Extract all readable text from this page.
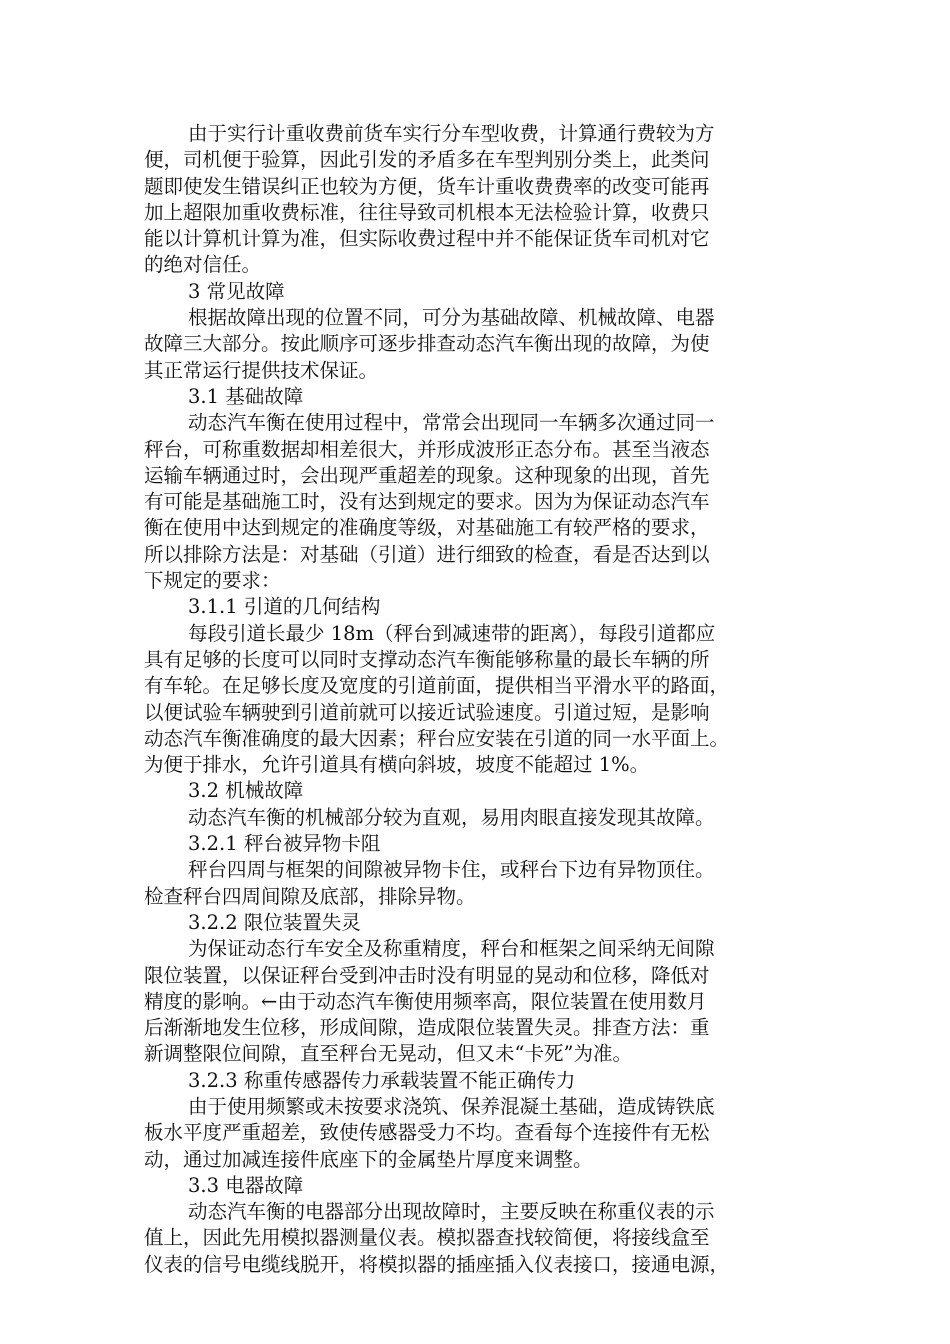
由于实行计重收费前货车实行分车型收费，计算通行费较为方
便，司机便于验算，因此引发的矛盾多在车型判别分类上，此类问
题即使发生错误纠正也较为方便，货车计重收费费率的改变可能再
加上超限加重收费标准，往往导致司机根本无法检验计算，收费只
能以计算机计算为准，但实际收费过程中并不能保证货车司机对它
的绝对信任。
3 常见故障
根据故障出现的位置不同，可分为基础故障、机械故障、电器
故障三大部分。按此顺序可逐步排查动态汽车衡出现的故障，为使
其正常运行提供技术保证。
3.1 基础故障
动态汽车衡在使用过程中，常常会出现同一车辆多次通过同一
秤台，可称重数据却相差很大，并形成波形正态分布。甚至当液态
运输车辆通过时，会出现严重超差的现象。这种现象的出现，首先
有可能是基础施工时，没有达到规定的要求。因为为保证动态汽车
衡在使用中达到规定的准确度等级，对基础施工有较严格的要求，
所以排除方法是：对基础（引道）进行细致的检查，看是否达到以
下规定的要求：
3.1.1 引道的几何结构
每段引道长最少 18m（秤台到减速带的距离），每段引道都应
具有足够的长度可以同时支撑动态汽车衡能够称量的最长车辆的所
有车轮。在足够长度及宽度的引道前面，提供相当平滑水平的路面，
以便试验车辆驶到引道前就可以接近试验速度。引道过短，是影响
动态汽车衡准确度的最大因素；秤台应安装在引道的同一水平面上。
为便于排水，允许引道具有横向斜坡，坡度不能超过 1%。
3.2 机械故障
动态汽车衡的机械部分较为直观，易用肉眼直接发现其故障。
3.2.1 秤台被异物卡阻
秤台四周与框架的间隙被异物卡住，或秤台下边有异物顶住。
检查秤台四周间隙及底部，排除异物。
3.2.2 限位装置失灵
为保证动态行车安全及称重精度，秤台和框架之间采纳无间隙
限位装置，以保证秤台受到冲击时没有明显的晃动和位移，降低对
精度的影响。←由于动态汽车衡使用频率高，限位装置在使用数月
后渐渐地发生位移，形成间隙，造成限位装置失灵。排查方法：重
新调整限位间隙，直至秤台无晃动，但又未“卡死”为准。
3.2.3 称重传感器传力承载装置不能正确传力
由于使用频繁或未按要求浇筑、保养混凝土基础，造成铸铁底
板水平度严重超差，致使传感器受力不均。查看每个连接件有无松
动，通过加减连接件底座下的金属垫片厚度来调整。
3.3 电器故障
动态汽车衡的电器部分出现故障时，主要反映在称重仪表的示
值上，因此先用模拟器测量仪表。模拟器查找较简便，将接线盒至
仪表的信号电缆线脱开，将模拟器的插座插入仪表接口，接通电源，
